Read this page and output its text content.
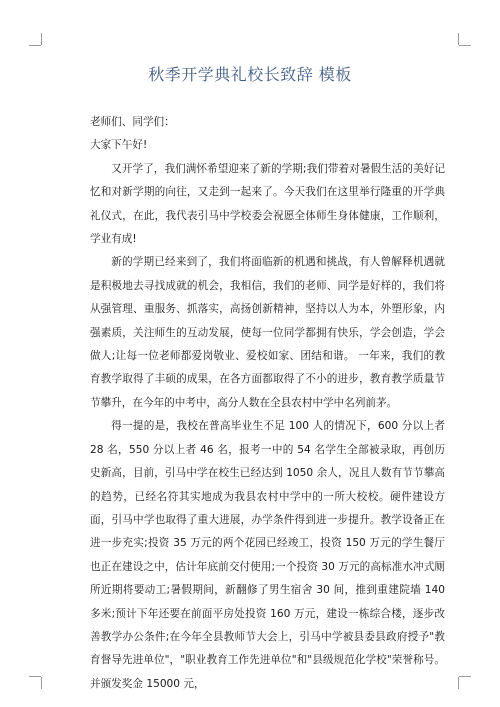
秋季开学典礼校长致辞 模板

老师们、同学们：

大家下午好!

又开学了，我们满怀希望迎来了新的学期;我们带着对暑假生活的美好记忆和对新学期的向往，又走到一起来了。今天我们在这里举行隆重的开学典礼仪式，在此，我代表引马中学校委会祝愿全体师生身体健康，工作顺利，学业有成!

新的学期已经来到了，我们将面临新的机遇和挑战，有人曾解释机遇就是积极地去寻找成就的机会，我相信，我们的老师、同学是好样的，我们将从强管理、重服务、抓落实，高扬创新精神，坚持以人为本，外塑形象，内强素质，关注师生的互动发展，使每一位同学都拥有快乐，学会创造，学会做人;让每一位老师都爱岗敬业、爱校如家、团结和谐。 一年来，我们的教育教学取得了丰硕的成果，在各方面都取得了不小的进步，教育教学质量节节攀升，在今年的中考中，高分人数在全县农村中学中名列前茅。

得一提的是，我校在普高毕业生不足 100 人的情况下，600 分以上者 28 名，550 分以上者 46 名，报考一中的 54 名学生全部被录取，再创历史新高，目前，引马中学在校生已经达到 1050 余人，况且人数有节节攀高的趋势，已经名符其实地成为我县农村中学中的一所大校校。硬件建设方面，引马中学也取得了重大进展，办学条件得到进一步提升。教学设备正在进一步充实;投资 35 万元的两个花园已经竣工，投资 150 万元的学生餐厅也正在建设之中，估计年底前交付使用;一个投资 30 万元的高标准水冲式厕所近期将要动工;暑假期间，新翻修了男生宿舍 30 间，推到重建院墙 140 多米;预计下年还要在前面平房处投资 160 万元，建设一栋综合楼，逐步改善教学办公条件;在今年全县教师节大会上，引马中学被县委县政府授予"教育督导先进单位"，"职业教育工作先进单位"和"县级规范化学校"荣誉称号。并颁发奖金 15000 元，
